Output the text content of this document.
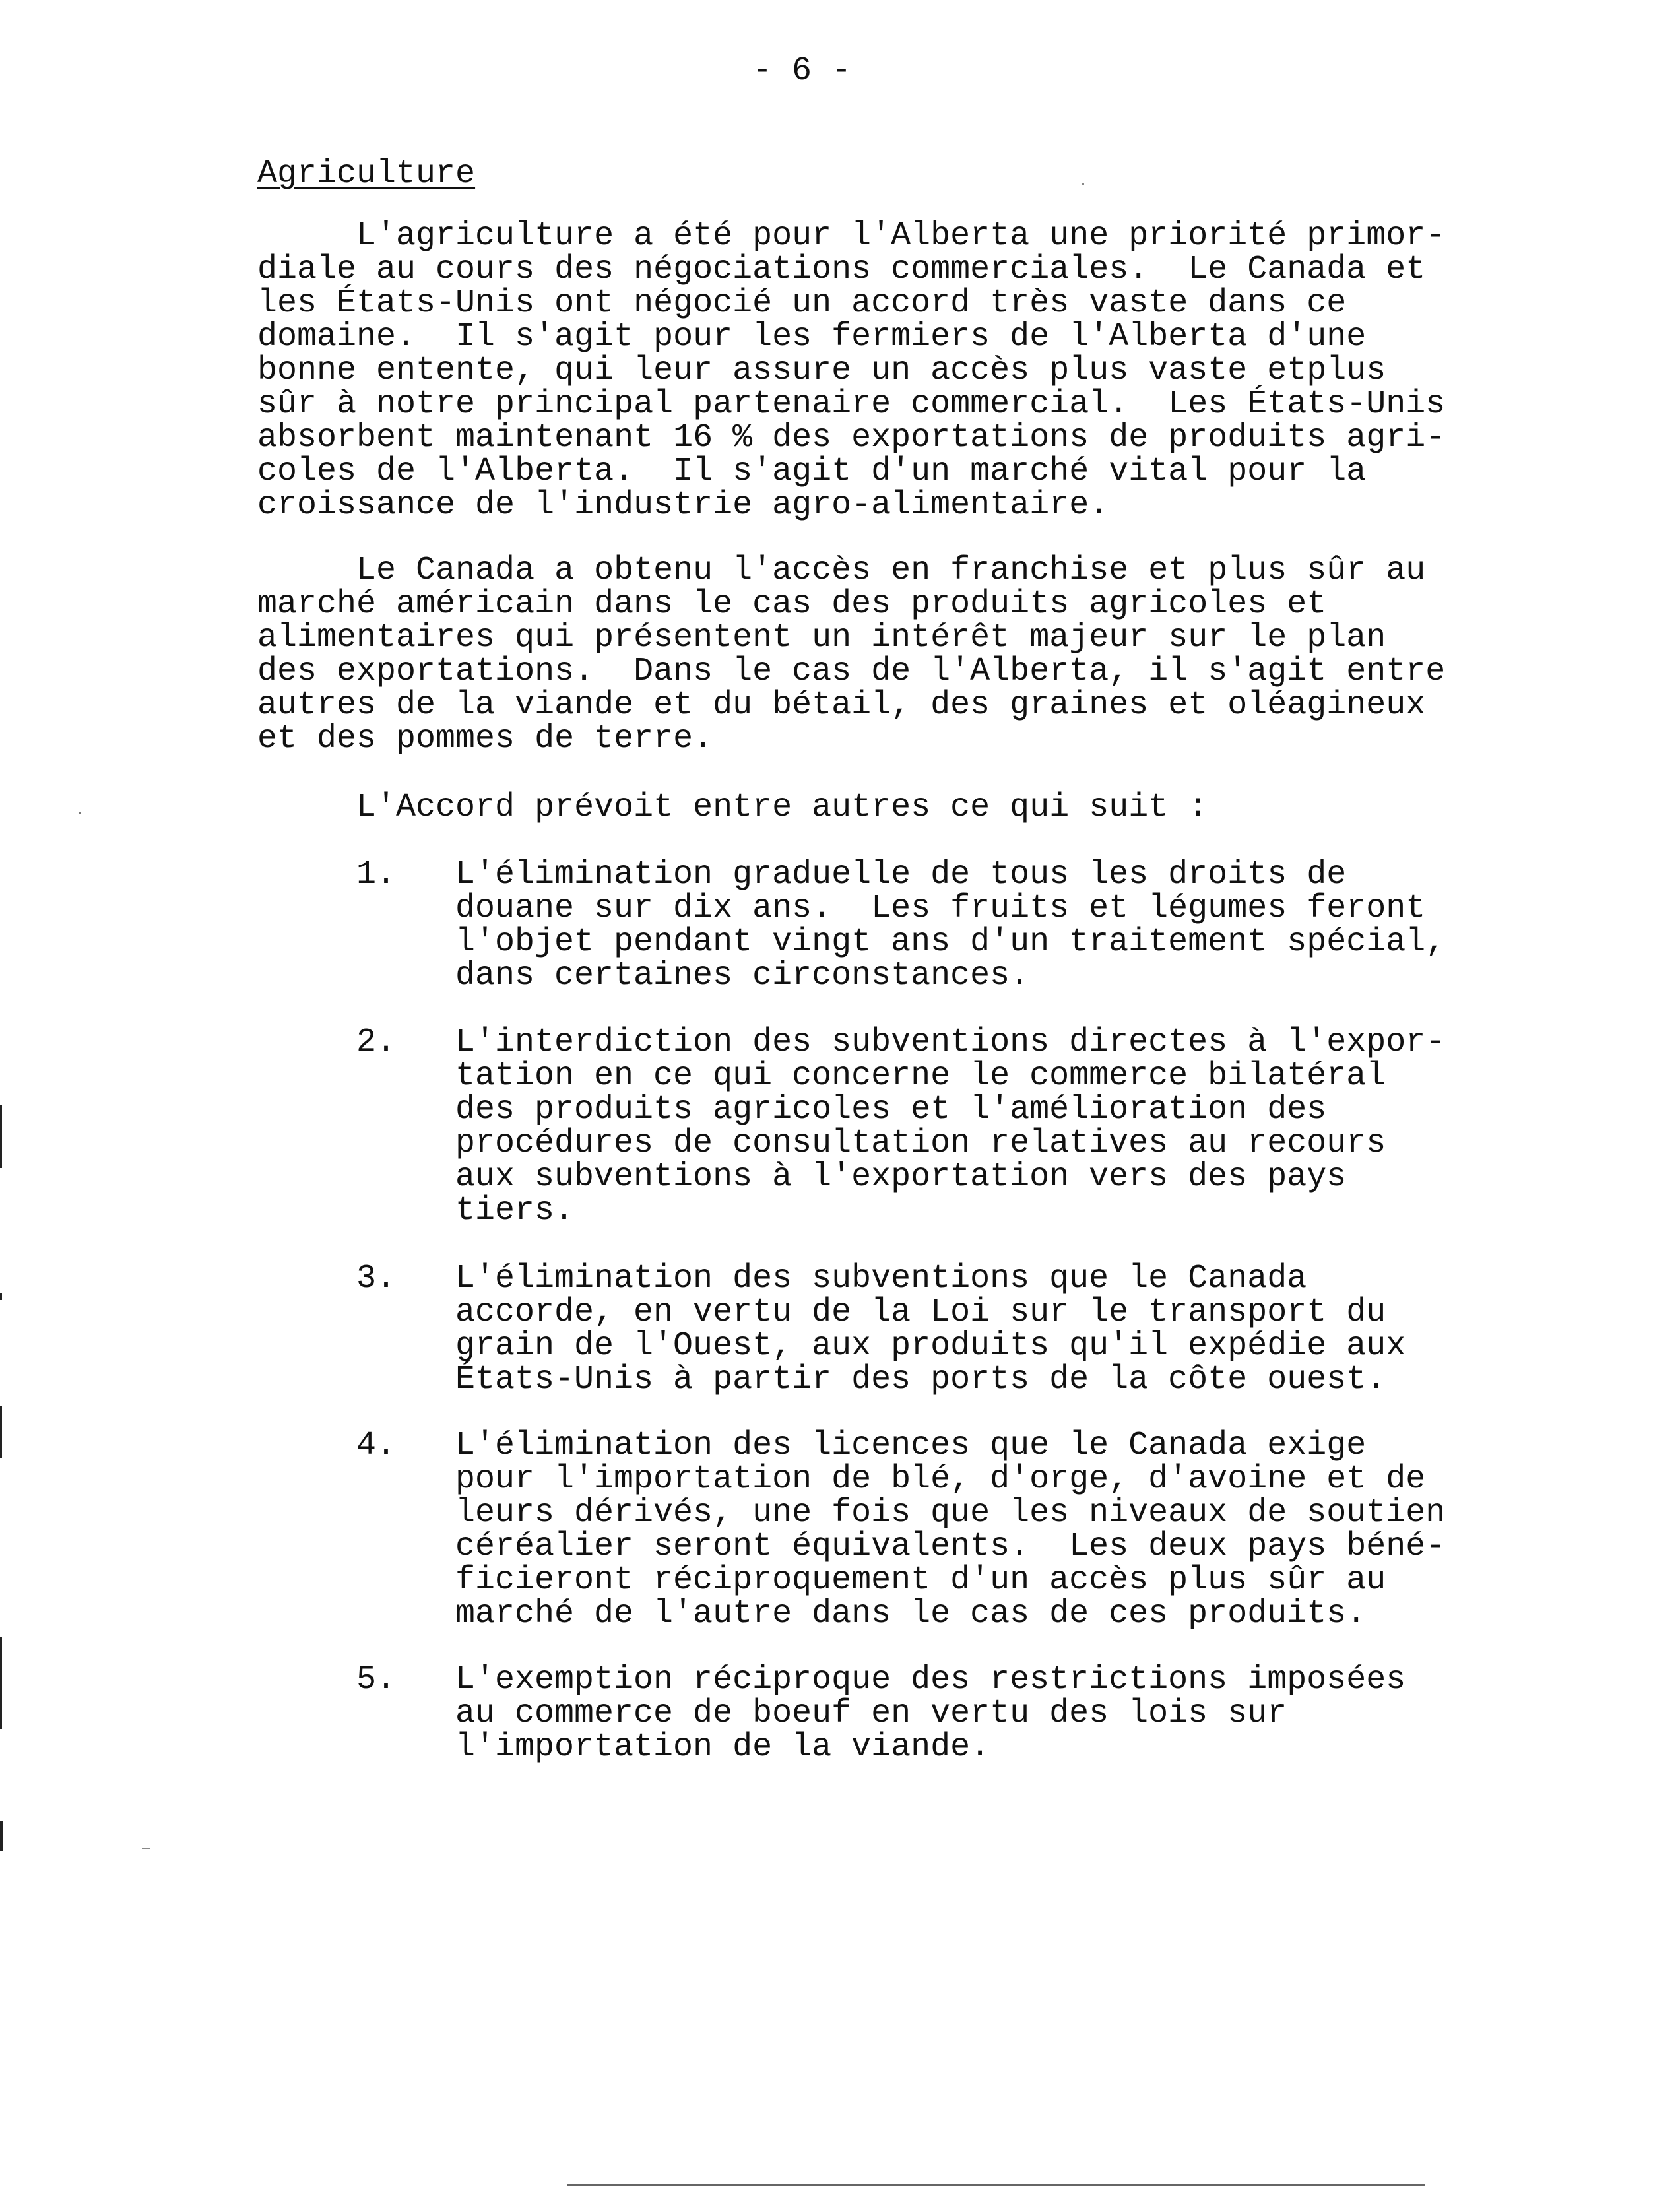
- 6 -
Agriculture

L'agriculture a été pour l'Alberta une priorité primor-
diale au cours des négociations commerciales.  Le Canada et
les États-Unis ont négocié un accord très vaste dans ce
domaine.  Il s'agit pour les fermiers de l'Alberta d'une
bonne entente, qui leur assure un accès plus vaste etplus
sûr à notre principal partenaire commercial.  Les États-Unis
absorbent maintenant 16 % des exportations de produits agri-
coles de l'Alberta.  Il s'agit d'un marché vital pour la
croissance de l'industrie agro-alimentaire.

Le Canada a obtenu l'accès en franchise et plus sûr au
marché américain dans le cas des produits agricoles et
alimentaires qui présentent un intérêt majeur sur le plan
des exportations.  Dans le cas de l'Alberta, il s'agit entre
autres de la viande et du bétail, des graines et oléagineux
et des pommes de terre.

L'Accord prévoit entre autres ce qui suit :

1. L'élimination graduelle de tous les droits de
douane sur dix ans.  Les fruits et légumes feront
l'objet pendant vingt ans d'un traitement spécial,
dans certaines circonstances.

2. L'interdiction des subventions directes à l'expor-
tation en ce qui concerne le commerce bilatéral
des produits agricoles et l'amélioration des
procédures de consultation relatives au recours
aux subventions à l'exportation vers des pays
tiers.

3. L'élimination des subventions que le Canada
accorde, en vertu de la Loi sur le transport du
grain de l'Ouest, aux produits qu'il expédie aux
États-Unis à partir des ports de la côte ouest.

4. L'élimination des licences que le Canada exige
pour l'importation de blé, d'orge, d'avoine et de
leurs dérivés, une fois que les niveaux de soutien
céréalier seront équivalents.  Les deux pays béné-
ficieront réciproquement d'un accès plus sûr au
marché de l'autre dans le cas de ces produits.

5. L'exemption réciproque des restrictions imposées
au commerce de boeuf en vertu des lois sur
l'importation de la viande.
